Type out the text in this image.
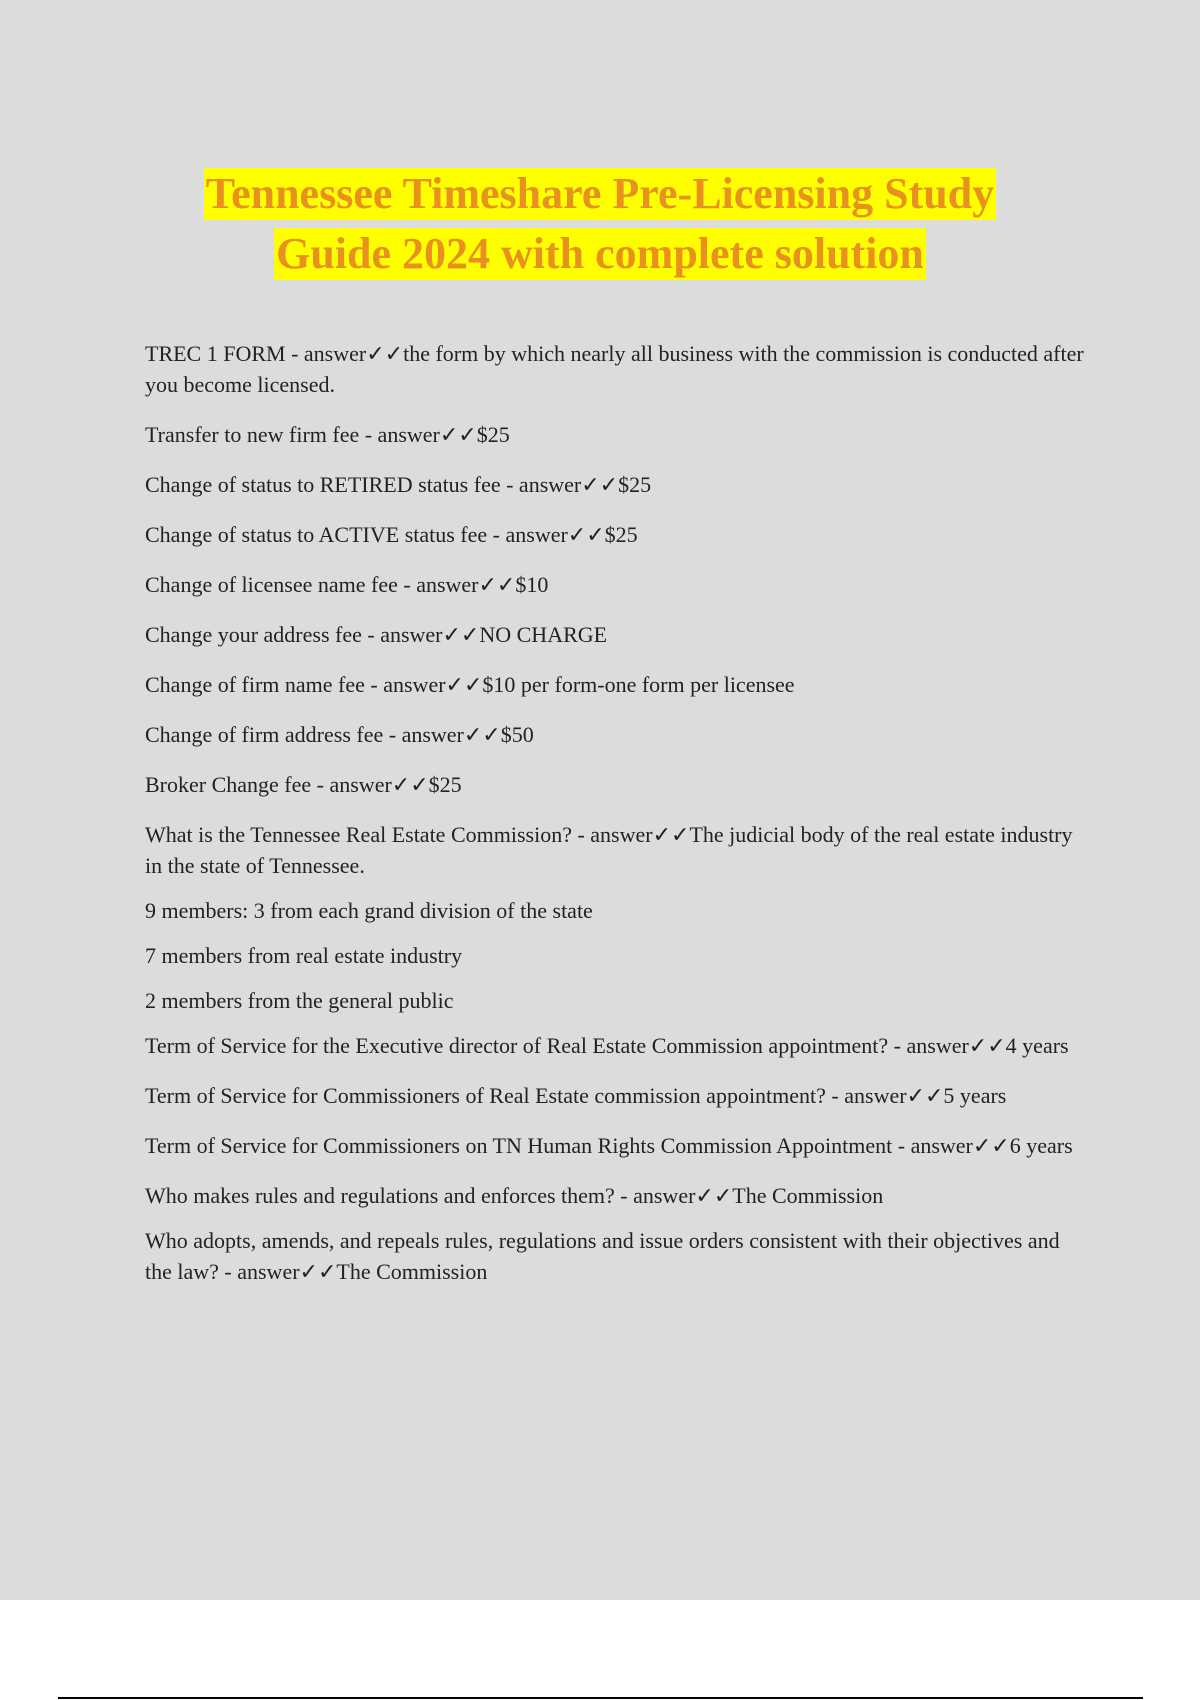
Tennessee Timeshare Pre-Licensing Study
Guide 2024 with complete solution

TREC 1 FORM - answer✓✓the form by which nearly all business with the commission is conducted after you become licensed.

Transfer to new firm fee - answer✓✓$25

Change of status to RETIRED status fee - answer✓✓$25

Change of status to ACTIVE status fee - answer✓✓$25

Change of licensee name fee - answer✓✓$10

Change your address fee - answer✓✓NO CHARGE

Change of firm name fee - answer✓✓$10 per form-one form per licensee

Change of firm address fee - answer✓✓$50

Broker Change fee - answer✓✓$25

What is the Tennessee Real Estate Commission? - answer✓✓The judicial body of the real estate industry in the state of Tennessee.

9 members: 3 from each grand division of the state

7 members from real estate industry

2 members from the general public

Term of Service for the Executive director of Real Estate Commission appointment? - answer✓✓4 years

Term of Service for Commissioners of Real Estate commission appointment? - answer✓✓5 years

Term of Service for Commissioners on TN Human Rights Commission Appointment - answer✓✓6 years

Who makes rules and regulations and enforces them? - answer✓✓The Commission

Who adopts, amends, and repeals rules, regulations and issue orders consistent with their objectives and the law? - answer✓✓The Commission
